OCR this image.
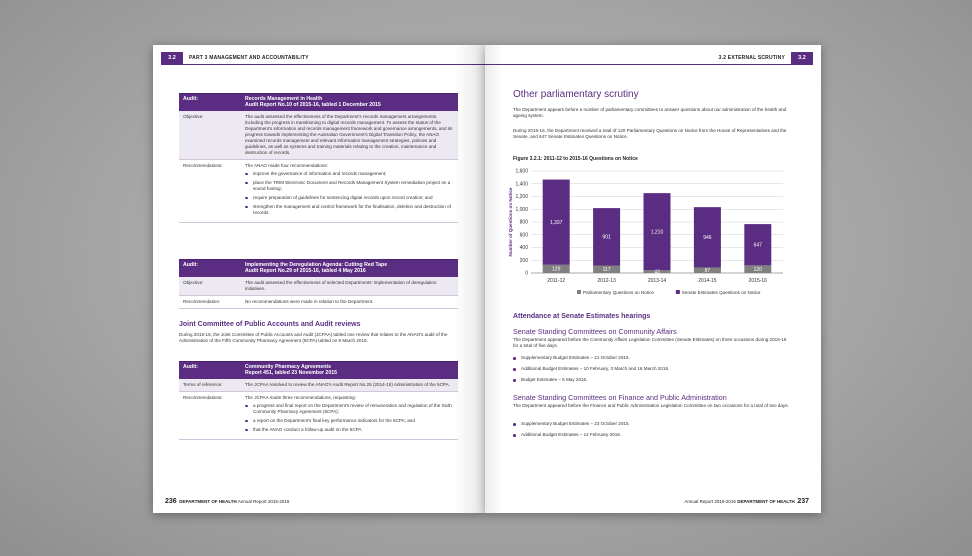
3.2	PART 3 MANAGEMENT AND ACCOUNTABILITY
Audit:	Records Management in Health
Audit Report No.10 of 2015-16, tabled 1 December 2015
Objective:	The audit assessed the effectiveness of the Department's records management arrangements, including the progress in transitioning to digital records management. To assess the status of the Department's information and records management framework and governance arrangements, and its progress towards implementing the Australian Government's Digital Transition Policy, the ANAO examined records management and relevant information management strategies, policies and guidelines, as well as systems and training materials relating to the creation, maintenance and destruction of records.
Recommendations:	The ANAO made four recommendations:
improve the governance of information and records management;
place the TRIM Electronic Document and Records Management System remediation project on a sound footing;
require preparation of guidelines for sentencing digital records upon record creation; and
strengthen the management and control framework for the finalisation, deletion and destruction of records.
Audit:	Implementing the Deregulation Agenda: Cutting Red Tape
Audit Report No.29 of 2015-16, tabled 4 May 2016
Objective:	The audit assessed the effectiveness of selected Departments' implementation of deregulation initiatives.
Recommendation:	No recommendations were made in relation to the Department.
Joint Committee of Public Accounts and Audit reviews
During 2015-16, the Joint Committee of Public Accounts and Audit (JCPAA) tabled one review that relates to the ANAO's audit of the Administration of the Fifth Community Pharmacy Agreement (5CPA) tabled on 8 March 2015.
Audit:	Community Pharmacy Agreements
Report 451, tabled 23 November 2015
Terms of reference:	The JCPAA resolved to review the ANAO's Audit Report No.25 (2014-15) Administration of the 5CPA.
Recommendations:	The JCPAA made three recommendations, requesting:
a progress and final report on the Department's review of remuneration and regulation of the Sixth Community Pharmacy Agreement (6CPA);
a report on the Department's final key performance indicators for the 6CPA; and
that the ANAO conduct a follow-up audit on the 6CPA.
236 DEPARTMENT OF HEALTH Annual Report 2015-2016
3.2 EXTERNAL SCRUTINY	3.2
Other parliamentary scrutiny
The Department appears before a number of parliamentary committees to answer questions about our administration of the health and ageing system.
During 2015-16, the Department received a total of 120 Parliamentary Questions on Notice from the House of Representatives and the Senate, and 647 Senate Estimates Questions on Notice.
Figure 3.2.1: 2011-12 to 2015-16 Questions on Notice
0
200
400
600
800
1,000
1,200
1,400
1,600
Number of Questions on Notice
129
1,337
2011-12
117
901
2012-13
43
1,210
2013-14
87
946
2014-15
120
647
2015-16
Parliamentary Questions on Notice	Senate Estimates Questions on Notice
Attendance at Senate Estimates hearings
Senate Standing Committees on Community Affairs
The Department appeared before the Community Affairs Legislation Committee (Senate Estimates) on three occasions during 2015-16 for a total of five days.
Supplementary Budget Estimates – 21 October 2015.
Additional Budget Estimates – 10 February, 3 March and 16 March 2016.
Budget Estimates – 6 May 2016.
Senate Standing Committees on Finance and Public Administration
The Department appeared before the Finance and Public Administration Legislation Committee on two occasions for a total of two days.
Supplementary Budget Estimates – 23 October 2015.
Additional Budget Estimates – 12 February 2016.
Annual Report 2015-2016 DEPARTMENT OF HEALTH 237
